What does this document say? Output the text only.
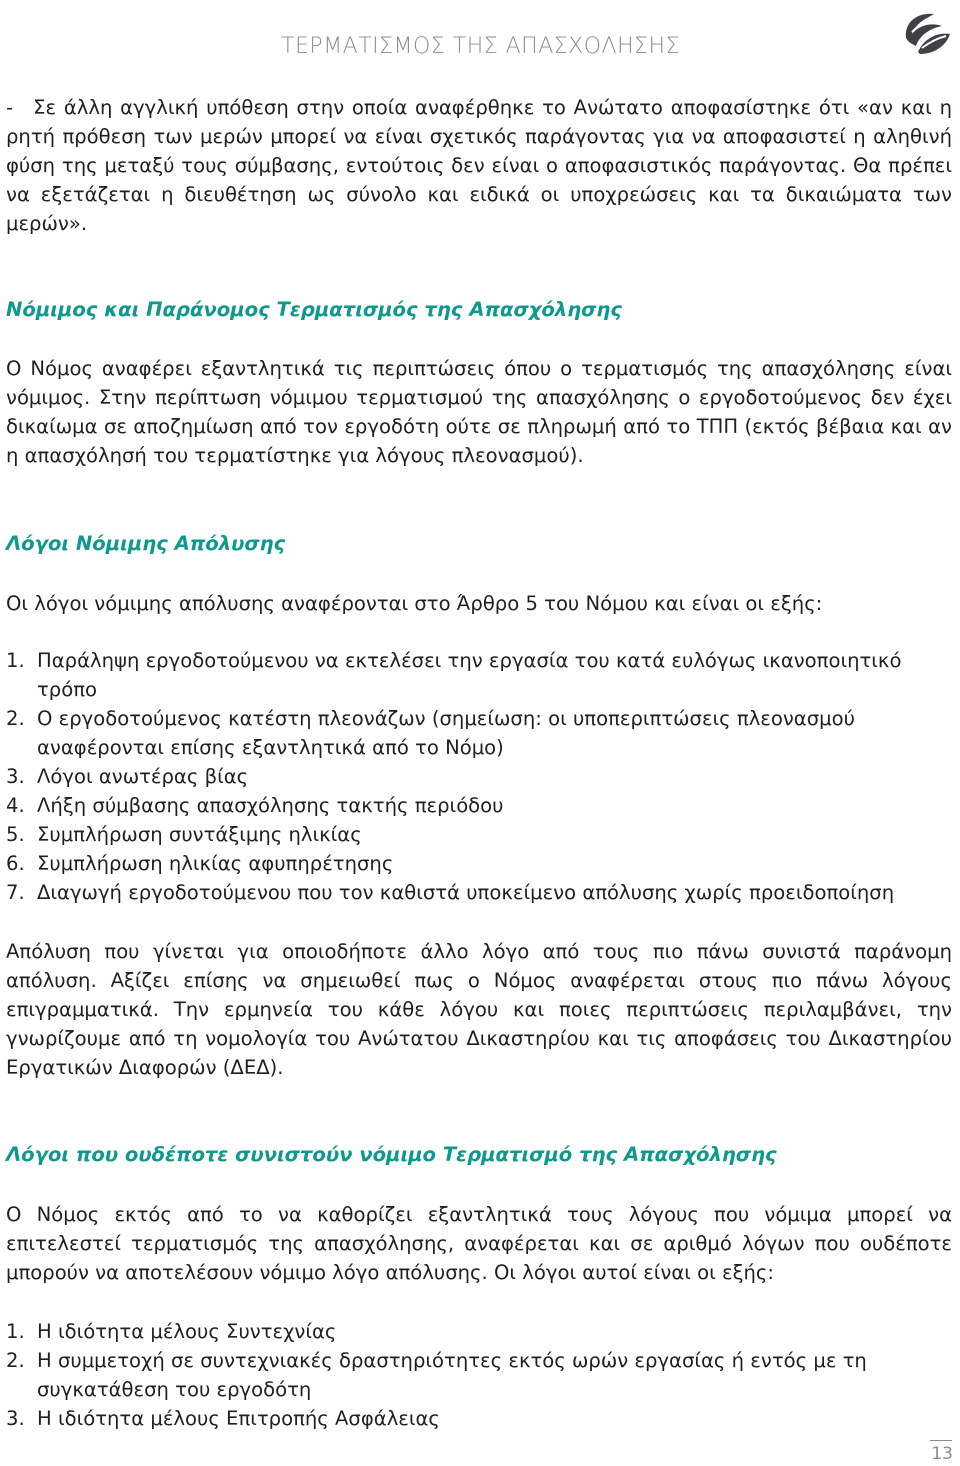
ΤΕΡΜΑΤΙΣΜΟΣ ΤΗΣ ΑΠΑΣΧΟΛΗΣΗΣ

- Σε άλλη αγγλική υπόθεση στην οποία αναφέρθηκε το Ανώτατο αποφασίστηκε ότι «αν και η ρητή πρόθεση των μερών μπορεί να είναι σχετικός παράγοντας για να αποφασιστεί η αληθινή φύση της μεταξύ τους σύμβασης, εντούτοις δεν είναι ο αποφασιστικός παράγοντας. Θα πρέπει να εξετάζεται η διευθέτηση ως σύνολο και ειδικά οι υποχρεώσεις και τα δικαιώματα των μερών».

Νόμιμος και Παράνομος Τερματισμός της Απασχόλησης

Ο Νόμος αναφέρει εξαντλητικά τις περιπτώσεις όπου ο τερματισμός της απασχόλησης είναι νόμιμος. Στην περίπτωση νόμιμου τερματισμού της απασχόλησης ο εργοδοτούμενος δεν έχει δικαίωμα σε αποζημίωση από τον εργοδότη ούτε σε πληρωμή από το ΤΠΠ (εκτός βέβαια και αν η απασχόλησή του τερματίστηκε για λόγους πλεονασμού).

Λόγοι Νόμιμης Απόλυσης

Οι λόγοι νόμιμης απόλυσης αναφέρονται στο Άρθρο 5 του Νόμου και είναι οι εξής:

1. Παράληψη εργοδοτούμενου να εκτελέσει την εργασία του κατά ευλόγως ικανοποιητικό τρόπο
2. Ο εργοδοτούμενος κατέστη πλεονάζων (σημείωση: οι υποπεριπτώσεις πλεονασμού αναφέρονται επίσης εξαντλητικά από το Νόμο)
3. Λόγοι ανωτέρας βίας
4. Λήξη σύμβασης απασχόλησης τακτής περιόδου
5. Συμπλήρωση συντάξιμης ηλικίας
6. Συμπλήρωση ηλικίας αφυπηρέτησης
7. Διαγωγή εργοδοτούμενου που τον καθιστά υποκείμενο απόλυσης χωρίς προειδοποίηση

Απόλυση που γίνεται για οποιοδήποτε άλλο λόγο από τους πιο πάνω συνιστά παράνομη απόλυση. Αξίζει επίσης να σημειωθεί πως ο Νόμος αναφέρεται στους πιο πάνω λόγους επιγραμματικά. Την ερμηνεία του κάθε λόγου και ποιες περιπτώσεις περιλαμβάνει, την γνωρίζουμε από τη νομολογία του Ανώτατου Δικαστηρίου και τις αποφάσεις του Δικαστηρίου Εργατικών Διαφορών (ΔΕΔ).

Λόγοι που ουδέποτε συνιστούν νόμιμο Τερματισμό της Απασχόλησης

Ο Νόμος εκτός από το να καθορίζει εξαντλητικά τους λόγους που νόμιμα μπορεί να επιτελεστεί τερματισμός της απασχόλησης, αναφέρεται και σε αριθμό λόγων που ουδέποτε μπορούν να αποτελέσουν νόμιμο λόγο απόλυσης. Οι λόγοι αυτοί είναι οι εξής:

1. Η ιδιότητα μέλους Συντεχνίας
2. Η συμμετοχή σε συντεχνιακές δραστηριότητες εκτός ωρών εργασίας ή εντός με τη συγκατάθεση του εργοδότη
3. Η ιδιότητα μέλους Επιτροπής Ασφάλειας
13
